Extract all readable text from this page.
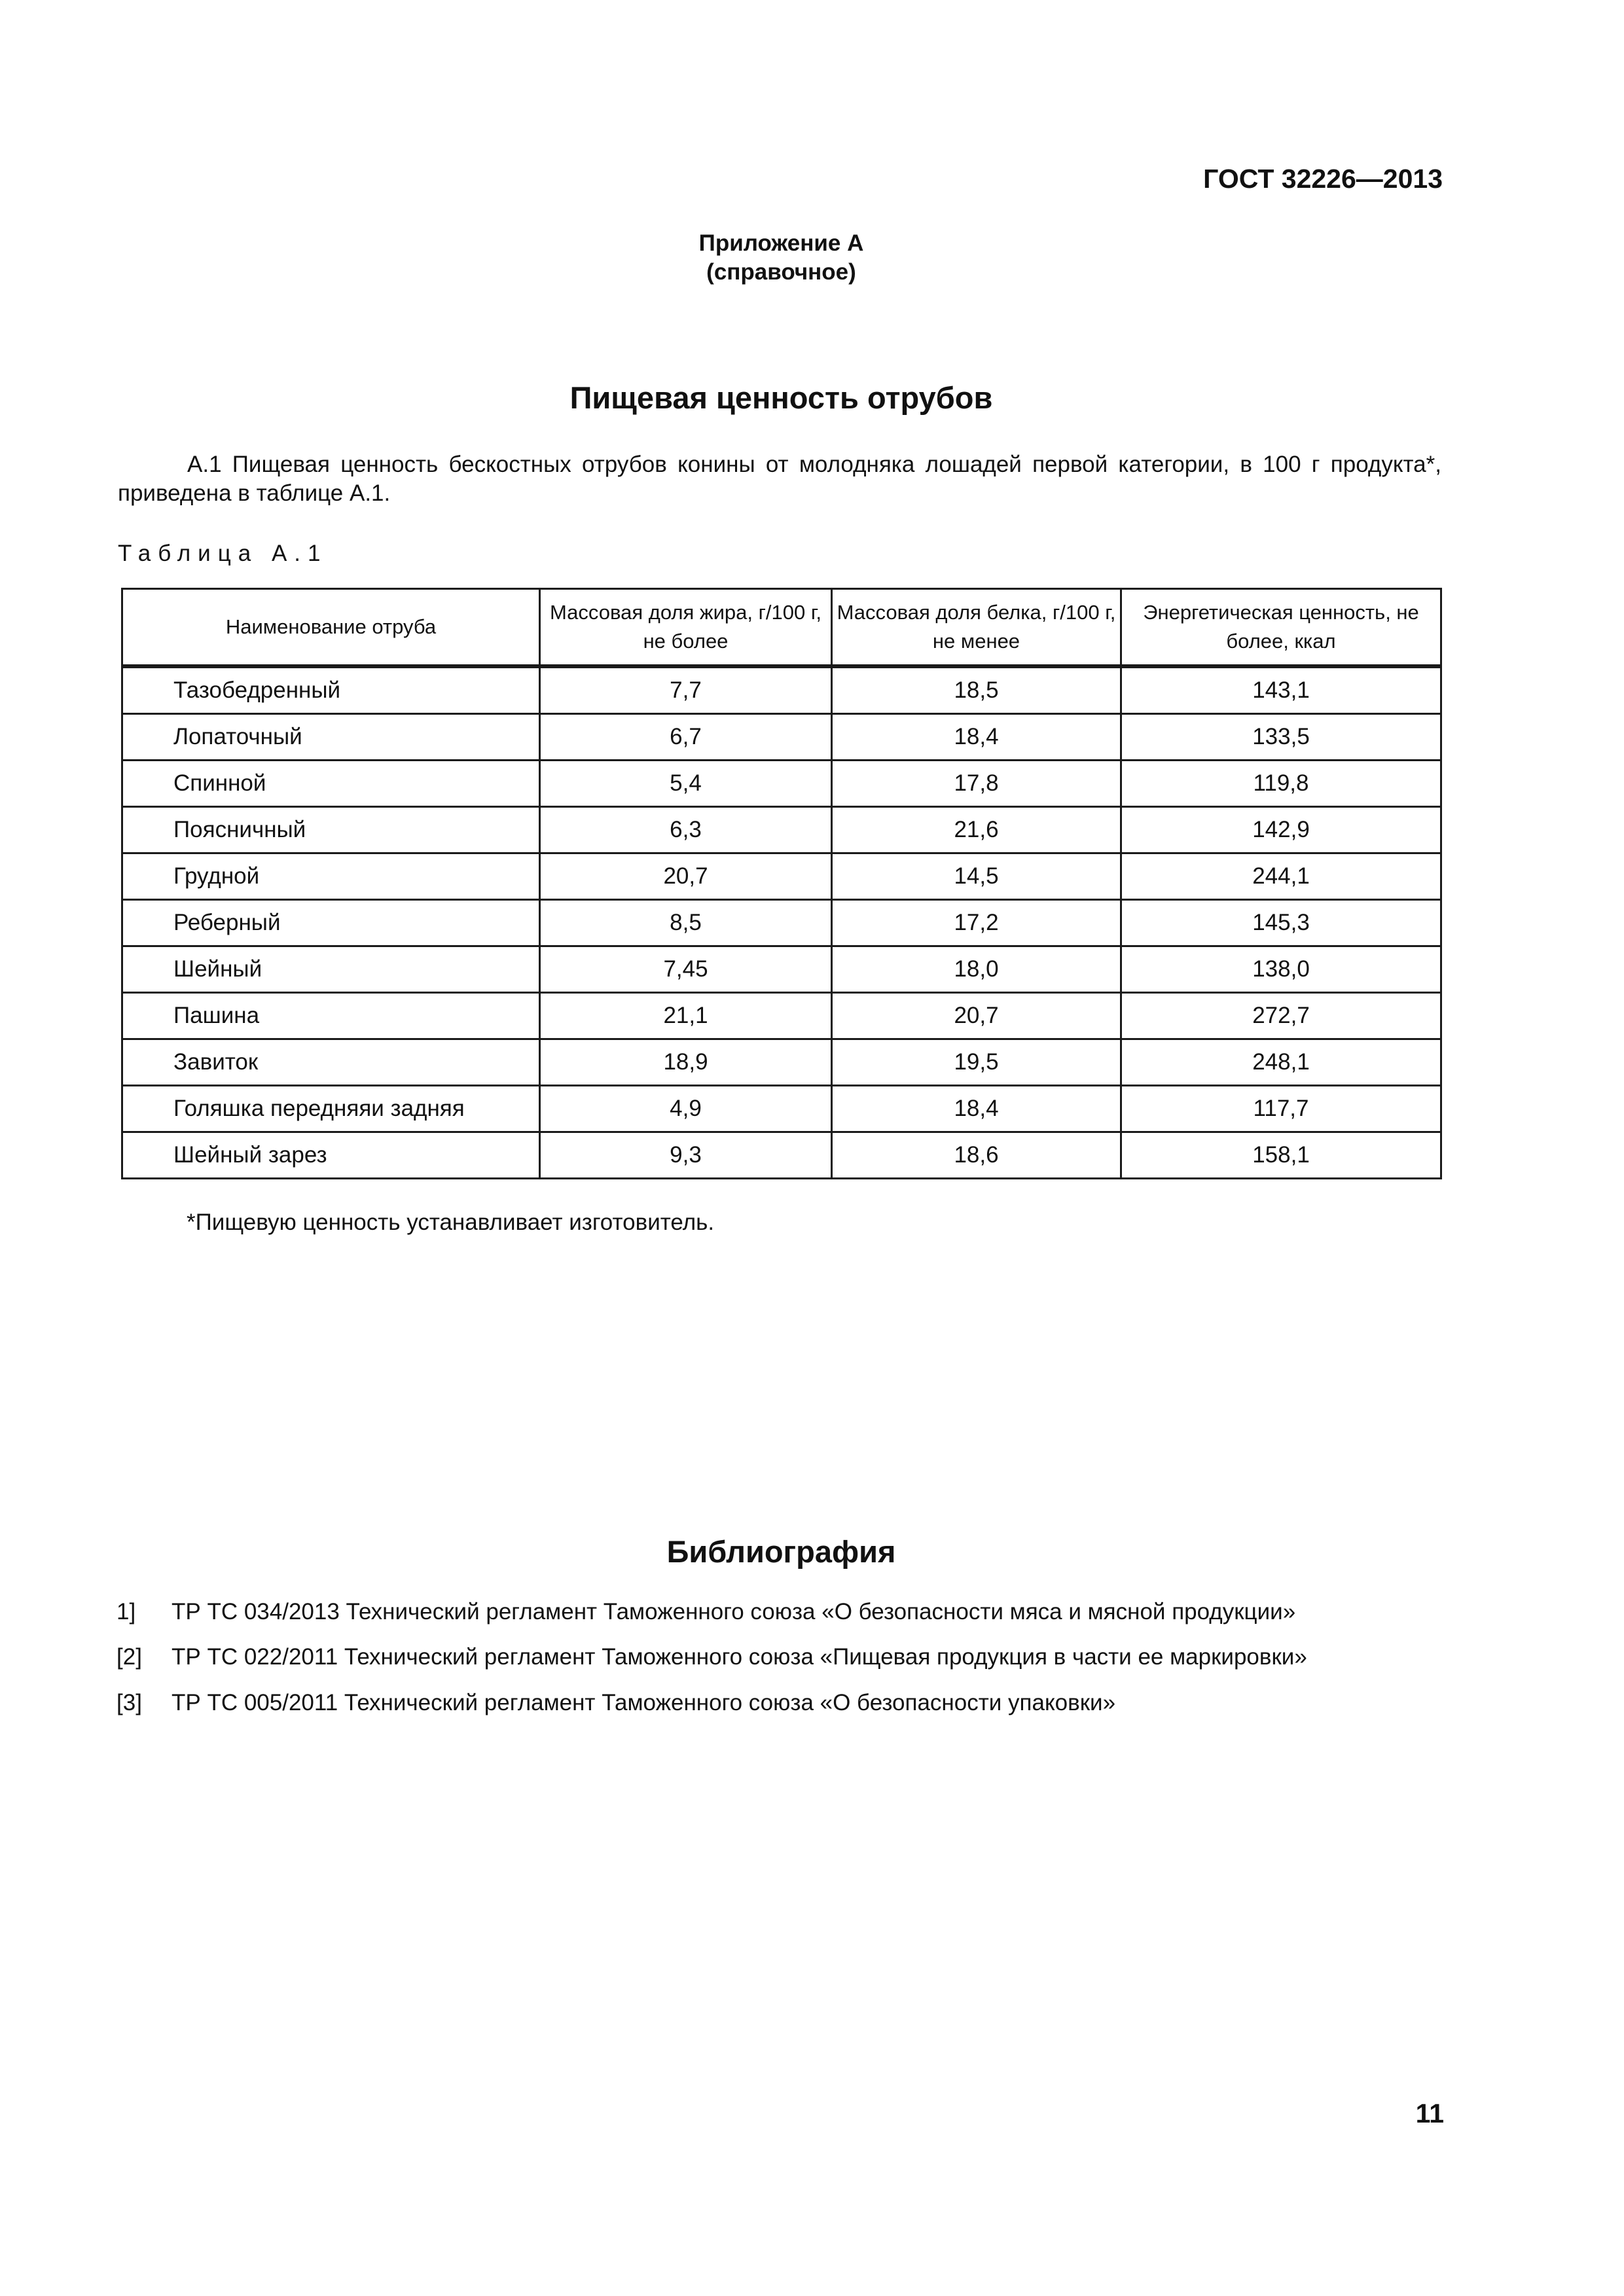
ГОСТ 32226—2013
Приложение А
(справочное)
Пищевая ценность отрубов
А.1 Пищевая ценность бескостных отрубов конины от молодняка лошадей первой категории, в 100 г продукта*, приведена в таблице А.1.
Таблица А.1
Наименование отруба	Массовая доля жира, г/100 г, не более	Массовая доля белка, г/100 г, не менее	Энергетическая ценность, не более, ккал
Тазобедренный	7,7	18,5	143,1
Лопаточный	6,7	18,4	133,5
Спинной	5,4	17,8	119,8
Поясничный	6,3	21,6	142,9
Грудной	20,7	14,5	244,1
Реберный	8,5	17,2	145,3
Шейный	7,45	18,0	138,0
Пашина	21,1	20,7	272,7
Завиток	18,9	19,5	248,1
Голяшка передняяи задняя	4,9	18,4	117,7
Шейный зарез	9,3	18,6	158,1
*Пищевую ценность устанавливает изготовитель.
Библиография
1] ТР ТС 034/2013 Технический регламент Таможенного союза «О безопасности мяса и мясной продукции»
[2] ТР ТС 022/2011 Технический регламент Таможенного союза «Пищевая продукция в части ее маркировки»
[3] ТР ТС 005/2011 Технический регламент Таможенного союза «О безопасности упаковки»
11
